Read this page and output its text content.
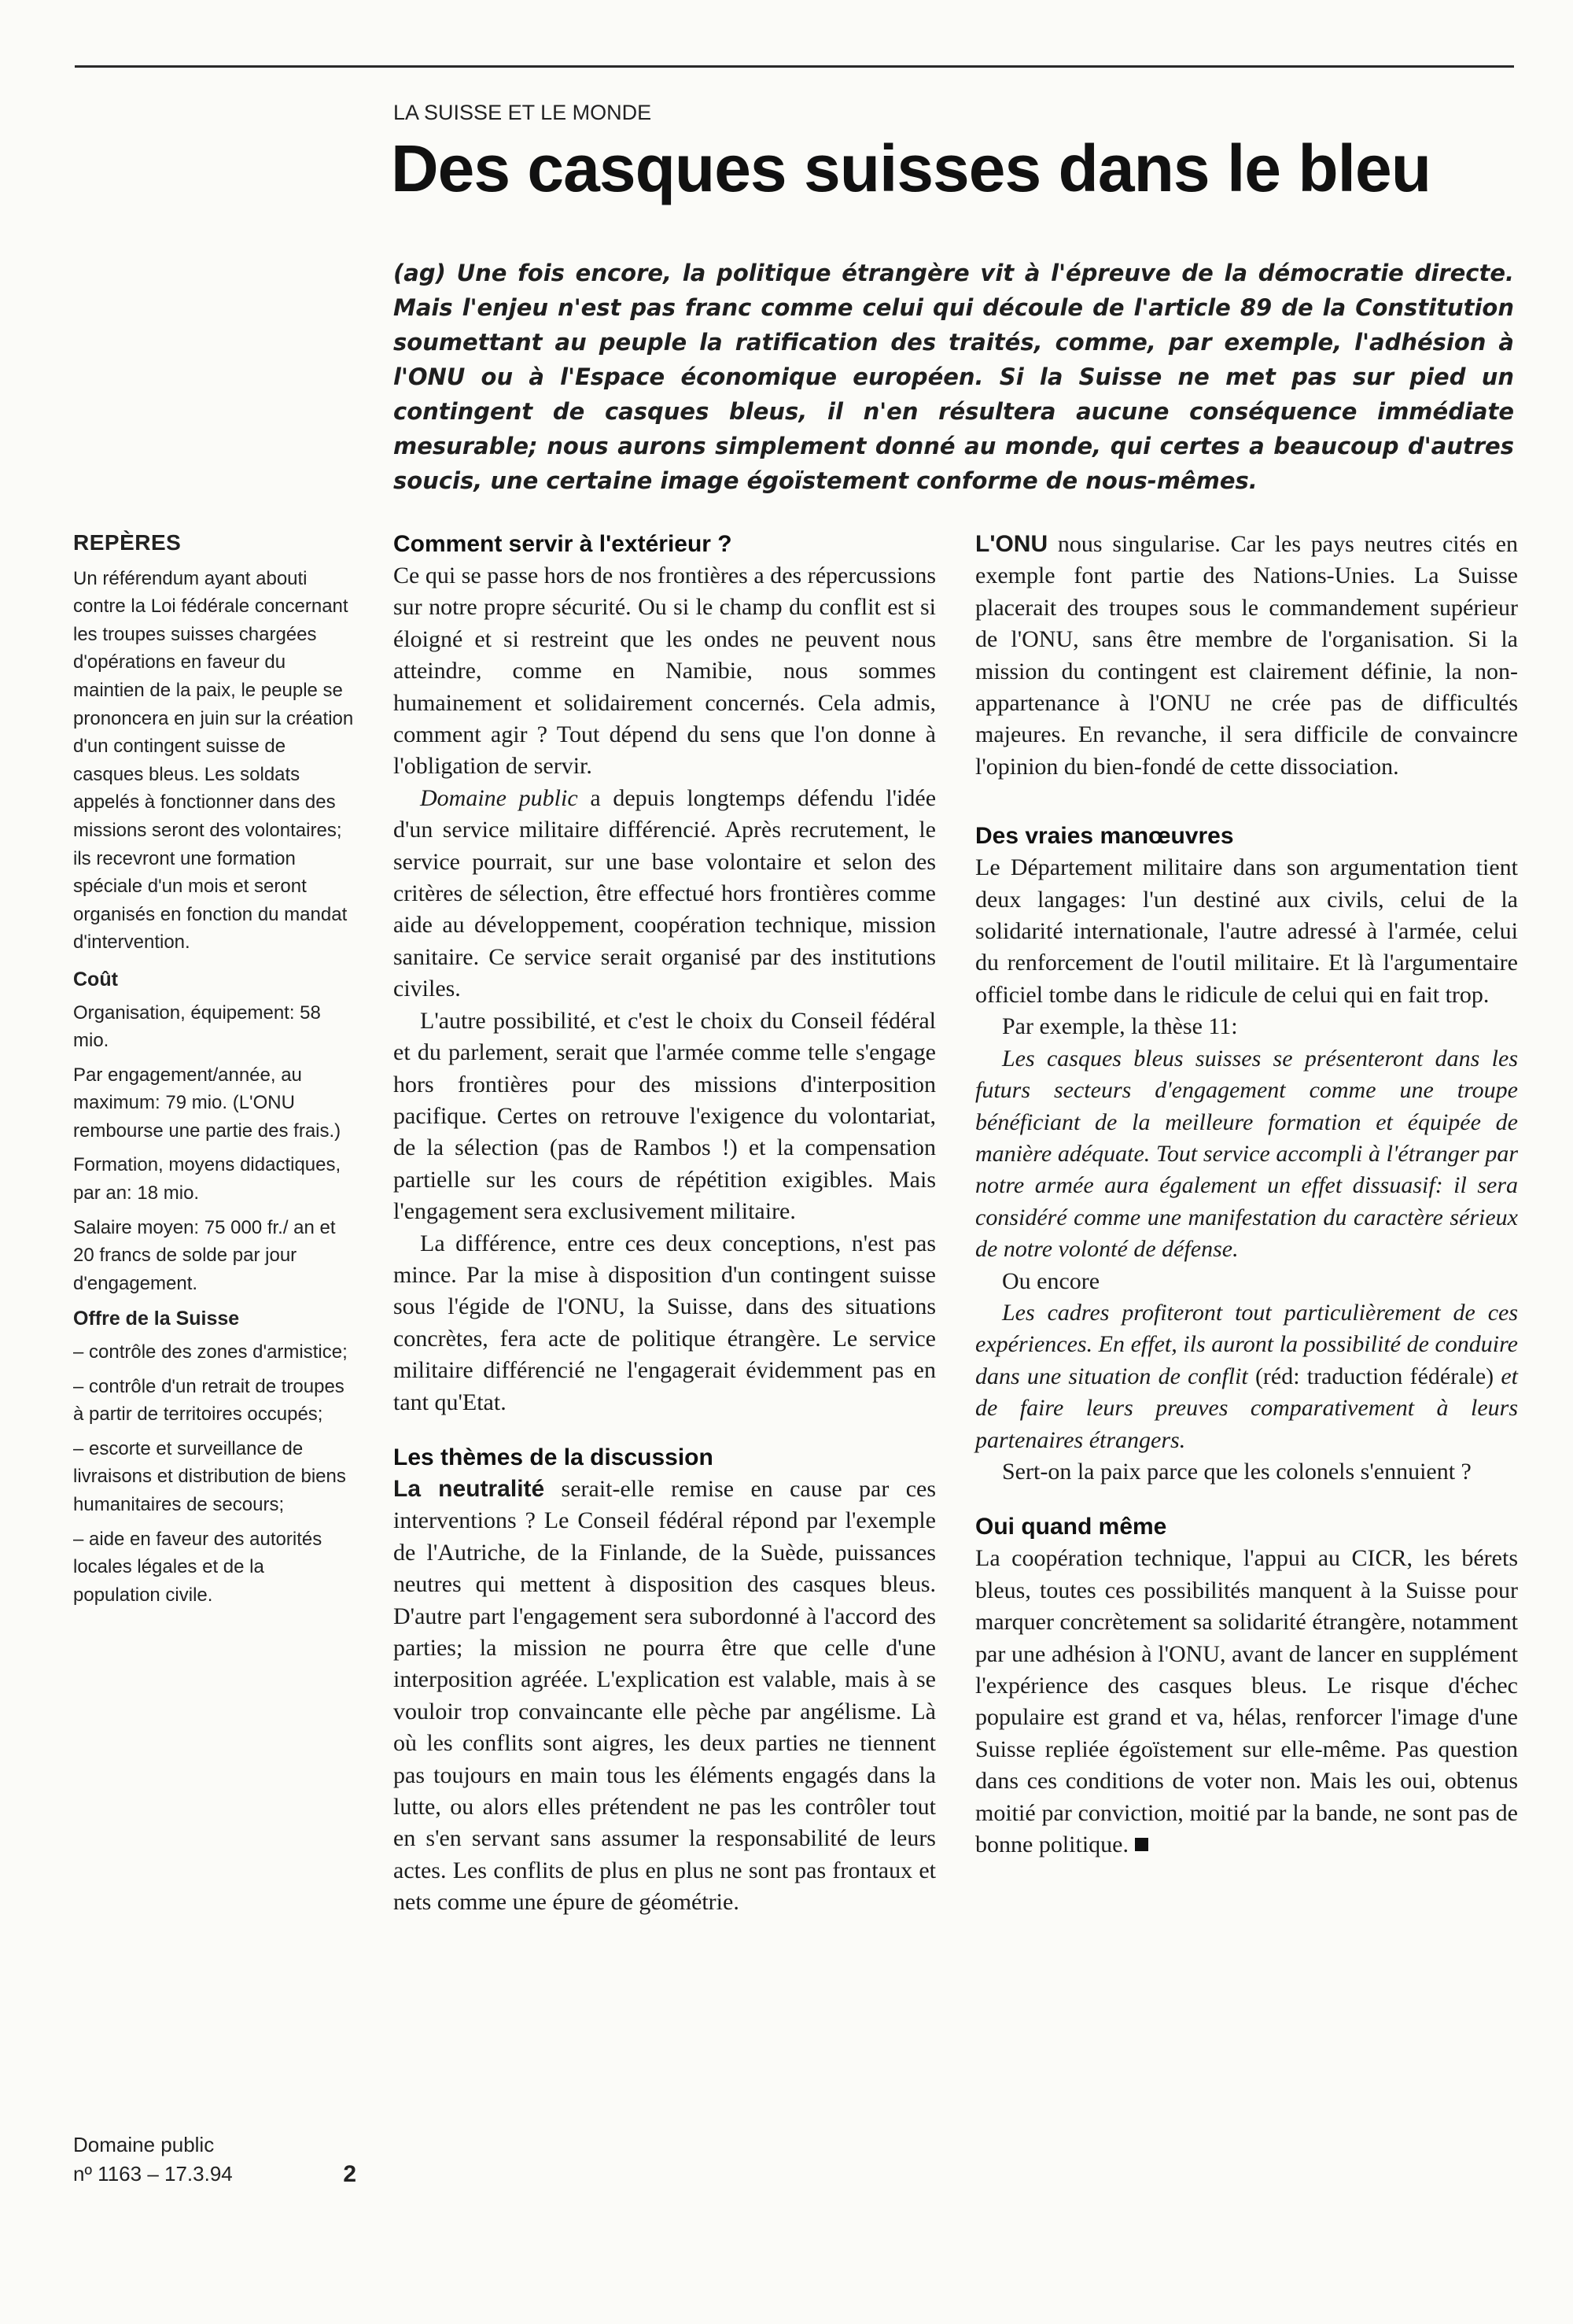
LA SUISSE ET LE MONDE
Des casques suisses dans le bleu

(ag) Une fois encore, la politique étrangère vit à l'épreuve de la démocratie directe. Mais l'enjeu n'est pas franc comme celui qui découle de l'article 89 de la Constitution soumettant au peuple la ratification des traités, comme, par exemple, l'adhésion à l'ONU ou à l'Espace économique européen. Si la Suisse ne met pas sur pied un contingent de casques bleus, il n'en résultera aucune conséquence immédiate mesurable; nous aurons simplement donné au monde, qui certes a beaucoup d'autres soucis, une certaine image égoïstement conforme de nous-mêmes.

REPÈRES

Un référendum ayant abouti contre la Loi fédérale concernant les troupes suisses chargées d'opérations en faveur du maintien de la paix, le peuple se prononcera en juin sur la création d'un contingent suisse de casques bleus. Les soldats appelés à fonctionner dans des missions seront des volontaires; ils recevront une formation spéciale d'un mois et seront organisés en fonction du mandat d'intervention.

Coût

Organisation, équipement: 58 mio.

Par engagement/année, au maximum: 79 mio. (L'ONU rembourse une partie des frais.)

Formation, moyens didactiques, par an: 18 mio.

Salaire moyen: 75 000 fr./ an et 20 francs de solde par jour d'engagement.

Offre de la Suisse

– contrôle des zones d'armistice;

– contrôle d'un retrait de troupes à partir de territoires occupés;

– escorte et surveillance de livraisons et distribution de biens humanitaires de secours;

– aide en faveur des autorités locales légales et de la population civile.

Domaine public
nº 1163 – 17.3.94	2
Comment servir à l'extérieur ?

Ce qui se passe hors de nos frontières a des répercussions sur notre propre sécurité. Ou si le champ du conflit est si éloigné et si restreint que les ondes ne peuvent nous atteindre, comme en Namibie, nous sommes humainement et solidairement concernés. Cela admis, comment agir ? Tout dépend du sens que l'on donne à l'obligation de servir.

Domaine public a depuis longtemps défendu l'idée d'un service militaire différencié. Après recrutement, le service pourrait, sur une base volontaire et selon des critères de sélection, être effectué hors frontières comme aide au développement, coopération technique, mission sanitaire. Ce service serait organisé par des institutions civiles.

L'autre possibilité, et c'est le choix du Conseil fédéral et du parlement, serait que l'armée comme telle s'engage hors frontières pour des missions d'interposition pacifique. Certes on retrouve l'exigence du volontariat, de la sélection (pas de Rambos !) et la compensation partielle sur les cours de répétition exigibles. Mais l'engagement sera exclusivement militaire.

La différence, entre ces deux conceptions, n'est pas mince. Par la mise à disposition d'un contingent suisse sous l'égide de l'ONU, la Suisse, dans des situations concrètes, fera acte de politique étrangère. Le service militaire différencié ne l'engagerait évidemment pas en tant qu'Etat.

Les thèmes de la discussion

La neutralité serait-elle remise en cause par ces interventions ? Le Conseil fédéral répond par l'exemple de l'Autriche, de la Finlande, de la Suède, puissances neutres qui mettent à disposition des casques bleus. D'autre part l'engagement sera subordonné à l'accord des parties; la mission ne pourra être que celle d'une interposition agréée. L'explication est valable, mais à se vouloir trop convaincante elle pèche par angélisme. Là où les conflits sont aigres, les deux parties ne tiennent pas toujours en main tous les éléments engagés dans la lutte, ou alors elles prétendent ne pas les contrôler tout en s'en servant sans assumer la responsabilité de leurs actes. Les conflits de plus en plus ne sont pas frontaux et nets comme une épure de géométrie.

L'ONU nous singularise. Car les pays neutres cités en exemple font partie des Nations-Unies. La Suisse placerait des troupes sous le commandement supérieur de l'ONU, sans être membre de l'organisation. Si la mission du contingent est clairement définie, la non-appartenance à l'ONU ne crée pas de difficultés majeures. En revanche, il sera difficile de convaincre l'opinion du bien-fondé de cette dissociation.

Des vraies manœuvres

Le Département militaire dans son argumentation tient deux langages: l'un destiné aux civils, celui de la solidarité internationale, l'autre adressé à l'armée, celui du renforcement de l'outil militaire. Et là l'argumentaire officiel tombe dans le ridicule de celui qui en fait trop.

Par exemple, la thèse 11:

Les casques bleus suisses se présenteront dans les futurs secteurs d'engagement comme une troupe bénéficiant de la meilleure formation et équipée de manière adéquate. Tout service accompli à l'étranger par notre armée aura également un effet dissuasif: il sera considéré comme une manifestation du caractère sérieux de notre volonté de défense.

Ou encore

Les cadres profiteront tout particulièrement de ces expériences. En effet, ils auront la possibilité de conduire dans une situation de conflit (réd: traduction fédérale) et de faire leurs preuves comparativement à leurs partenaires étrangers.

Sert-on la paix parce que les colonels s'ennuient ?

Oui quand même

La coopération technique, l'appui au CICR, les bérets bleus, toutes ces possibilités manquent à la Suisse pour marquer concrètement sa solidarité étrangère, notamment par une adhésion à l'ONU, avant de lancer en supplément l'expérience des casques bleus. Le risque d'échec populaire est grand et va, hélas, renforcer l'image d'une Suisse repliée égoïstement sur elle-même. Pas question dans ces conditions de voter non. Mais les oui, obtenus moitié par conviction, moitié par la bande, ne sont pas de bonne politique.
